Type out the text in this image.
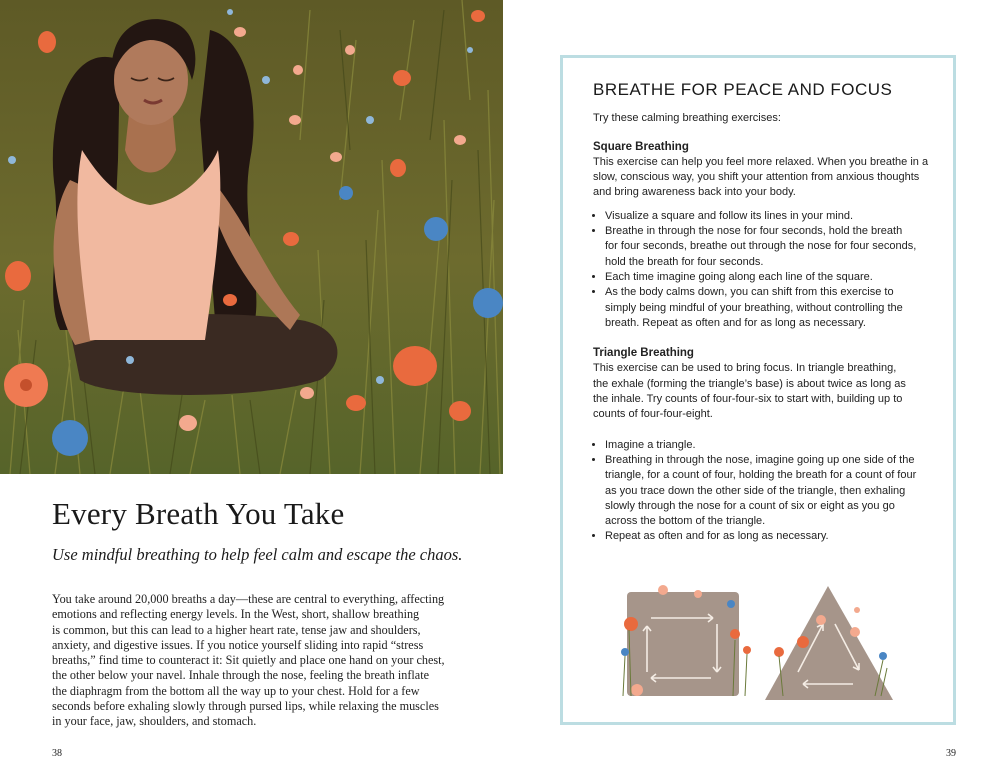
Every Breath You Take

Use mindful breathing to help feel calm and escape the chaos.

You take around 20,000 breaths a day—these are central to everything, affecting
emotions and reflecting energy levels. In the West, short, shallow breathing
is common, but this can lead to a higher heart rate, tense jaw and shoulders,
anxiety, and digestive issues. If you notice yourself sliding into rapid “stress
breaths,” find time to counteract it: Sit quietly and place one hand on your chest,
the other below your navel. Inhale through the nose, feeling the breath inflate
the diaphragm from the bottom all the way up to your chest. Hold for a few
seconds before exhaling slowly through pursed lips, while relaxing the muscles
in your face, jaw, shoulders, and stomach.

38
BREATHE FOR PEACE AND FOCUS

Try these calming breathing exercises:

Square Breathing

This exercise can help you feel more relaxed. When you breathe in a
slow, conscious way, you shift your attention from anxious thoughts
and bring awareness back into your body.

• Visualize a square and follow its lines in your mind.
• Breathe in through the nose for four seconds, hold the breath
for four seconds, breathe out through the nose for four seconds,
hold the breath for four seconds.
• Each time imagine going along each line of the square.
• As the body calms down, you can shift from this exercise to
simply being mindful of your breathing, without controlling the
breath. Repeat as often and for as long as necessary.

Triangle Breathing

This exercise can be used to bring focus. In triangle breathing,
the exhale (forming the triangle’s base) is about twice as long as
the inhale. Try counts of four-four-six to start with, building up to
counts of four-four-eight.

• Imagine a triangle.
• Breathing in through the nose, imagine going up one side of the
triangle, for a count of four, holding the breath for a count of four
as you trace down the other side of the triangle, then exhaling
slowly through the nose for a count of six or eight as you go
across the bottom of the triangle.
• Repeat as often and for as long as necessary.
39
